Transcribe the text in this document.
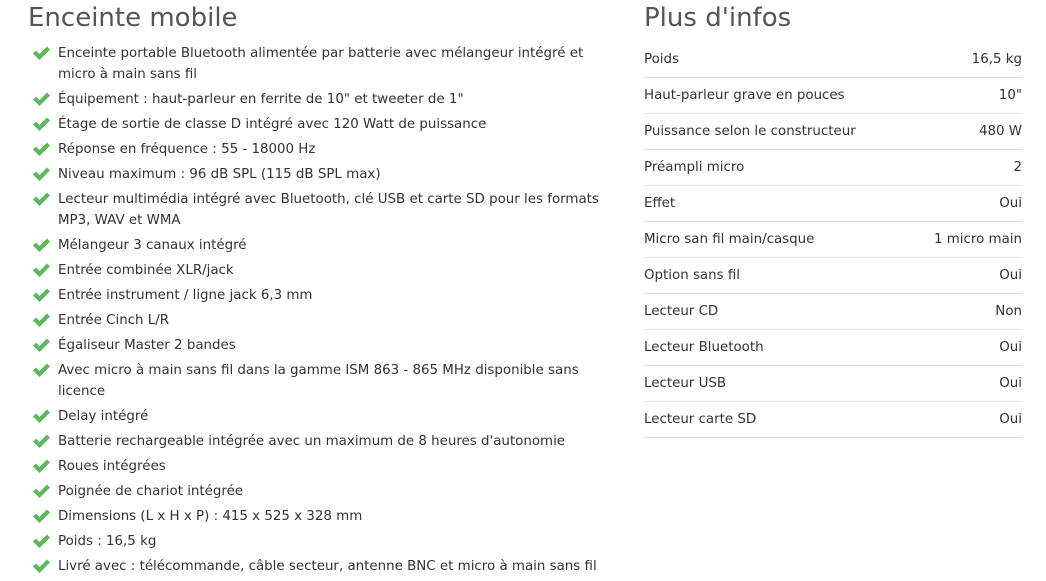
Enceinte mobile
Enceinte portable Bluetooth alimentée par batterie avec mélangeur intégré et micro à main sans fil
Équipement : haut-parleur en ferrite de 10" et tweeter de 1"
Étage de sortie de classe D intégré avec 120 Watt de puissance
Réponse en fréquence : 55 - 18000 Hz
Niveau maximum : 96 dB SPL (115 dB SPL max)
Lecteur multimédia intégré avec Bluetooth, clé USB et carte SD pour les formats MP3, WAV et WMA
Mélangeur 3 canaux intégré
Entrée combinée XLR/jack
Entrée instrument / ligne jack 6,3 mm
Entrée Cinch L/R
Égaliseur Master 2 bandes
Avec micro à main sans fil dans la gamme ISM 863 - 865 MHz disponible sans licence
Delay intégré
Batterie rechargeable intégrée avec un maximum de 8 heures d'autonomie
Roues intégrées
Poignée de chariot intégrée
Dimensions (L x H x P) : 415 x 525 x 328 mm
Poids : 16,5 kg
Livré avec : télécommande, câble secteur, antenne BNC et micro à main sans fil
Plus d'infos
Poids	16,5 kg
Haut-parleur grave en pouces	10"
Puissance selon le constructeur	480 W
Préampli micro	2
Effet	Oui
Micro san fil main/casque	1 micro main
Option sans fil	Oui
Lecteur CD	Non
Lecteur Bluetooth	Oui
Lecteur USB	Oui
Lecteur carte SD	Oui
